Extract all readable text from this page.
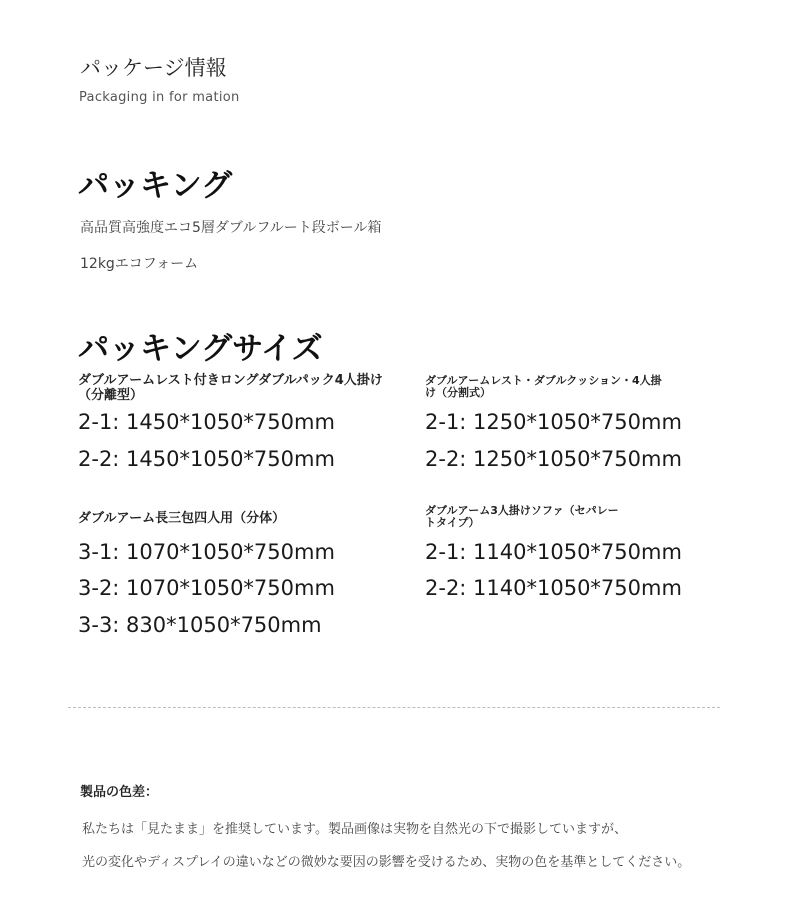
パッケージ情報
Packaging in for mation
パッキング
高品質高強度エコ5層ダブルフルート段ボール箱
12kgエコフォーム
パッキングサイズ
ダブルアームレスト付きロングダブルパック4人掛け（分離型）
2-1: 1450*1050*750mm
2-2: 1450*1050*750mm
ダブルアームレスト・ダブルクッション・4人掛け（分割式）
2-1: 1250*1050*750mm
2-2: 1250*1050*750mm
ダブルアーム長三包四人用（分体）
3-1: 1070*1050*750mm
3-2: 1070*1050*750mm
3-3: 830*1050*750mm
ダブルアーム3人掛けソファ（セパレートタイプ）
2-1: 1140*1050*750mm
2-2: 1140*1050*750mm
製品の色差：
私たちは「見たまま」を推奨しています。製品画像は実物を自然光の下で撮影していますが、
光の変化やディスプレイの違いなどの微妙な要因の影響を受けるため、実物の色を基準としてください。
